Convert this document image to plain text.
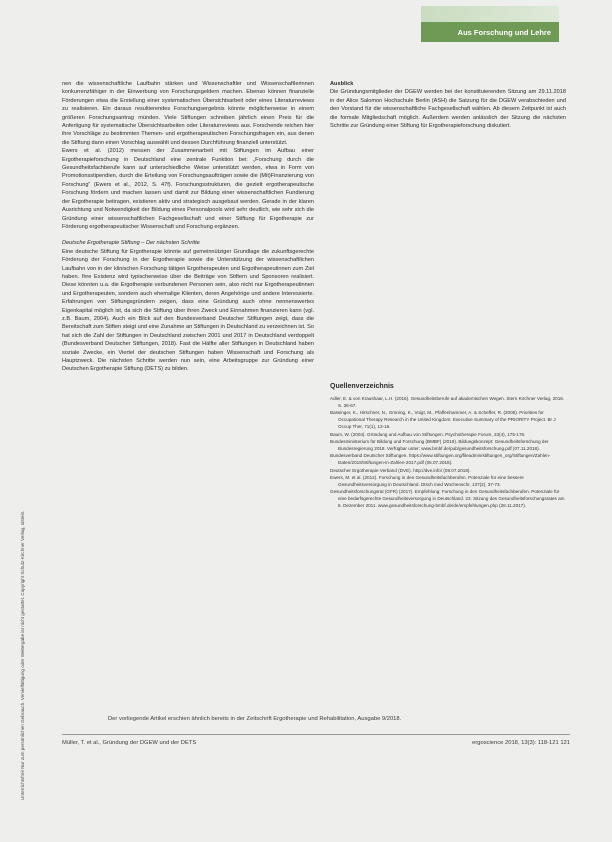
Aus Forschung und Lehre
Unterrichtsfrei! Nur zum persönlichen Gebrauch. Vervielfältigung oder Weitergabe ist nicht gestattet. Copyright Schulz-Kirchner Verlag, Idstein.

nen die wissenschaftliche Laufbahn stärken und Wissenschaftler und Wissenschaftlerinnen konkurrenzfähiger in der Einwerbung von Forschungsgeldern machen. Ebenso können finanzielle Förderungen etwa die Erstellung einer systematischen Übersichtsarbeit oder eines Literaturreviews zu realisieren. Ein daraus resultierendes Forschungsergebnis könnte möglicherweise in einem größeren Forschungsantrag münden. Viele Stiftungen schreiben jährlich einen Preis für die Anfertigung für systematische Übersichtsarbeiten oder Literaturreviews aus. Forschende reichen hier ihre Vorschläge zu bestimmten Themen- und ergotherapeutischen Forschungsfragen ein, aus denen die Stiftung dann einen Vorschlag auswählt und dessen Durchführung finanziell unterstützt.

Ewers et al. (2012) messen der Zusammenarbeit mit Stiftungen im Aufbau einer Ergotherapieforschung in Deutschland eine zentrale Funktion bei: „Forschung durch die Gesundheitsfachberufe kann auf unterschiedliche Weise unterstützt werden, etwa in Form von Promotionsstipendien, durch die Erteilung von Forschungsaufträgen sowie die (Mit)Finanzierung von Forschung“ (Ewers et al., 2012, S. 47f). Forschungsstrukturen, die gezielt ergotherapeutische Forschung fördern und machen lassen und damit zur Bildung einer wissenschaftlichen Fundierung der Ergotherapie beitragen, existieren aktiv und strategisch ausgebaut werden. Gerade in der klaren Ausrichtung und Notwendigkeit der Bildung eines Personalpools wird sehr deutlich, wie sehr sich die Gründung einer wissenschaftlichen Fachgesellschaft und einer Stiftung für Ergotherapie zur Förderung ergotherapeutischer Wissenschaft und Forschung ergänzen.

Deutsche Ergotherapie Stiftung – Der nächsten Schritte

Eine deutsche Stiftung für Ergotherapie könnte auf gemeinnütziger Grundlage die zukunftsgerechte Förderung der Forschung in der Ergotherapie sowie die Unterstützung der wissenschaftlichen Laufbahn von in der klinischen Forschung tätigen Ergotherapeuten und Ergotherapeutinnen zum Ziel haben. Ihre Existenz wird typischerweise über die Beiträge von Stiftern und Sponsoren realisiert. Diese könnten u.a. die Ergotherapie verbundenen Personen sein, also nicht nur Ergotherapeutinnen und Ergotherapeuten, sondern auch ehemalige Klienten, deren Angehörige und andere Interessierte. Erfahrungen von Stiftungsgründern zeigen, dass eine Gründung auch ohne nennenswertes Eigenkapital möglich ist, da sich die Stiftung über ihren Zweck und Einnahmen finanzieren kann (vgl. z.B. Baum, 2004). Auch ein Blick auf den Bundesverband Deutscher Stiftungen zeigt, dass die Bereitschaft zum Stiften steigt und eine Zunahme an Stiftungen in Deutschland zu verzeichnen ist. So hat sich die Zahl der Stiftungen in Deutschland zwischen 2001 und 2017 in Deutschland verdoppelt (Bundesverband Deutscher Stiftungen, 2018). Fast die Hälfte aller Stiftungen in Deutschland haben soziale Zwecke, ein Viertel der deutschen Stiftungen haben Wissenschaft und Forschung als Hauptzweck. Die nächsten Schritte werden nun sein, eine Arbeitsgruppe zur Gründung einer Deutschen Ergotherapie Stiftung (DETS) zu bilden.

Ausblick

Die Gründungsmitglieder der DGEW werden bei der konstituierenden Sitzung am 29.11.2018 in der Alice Salomon Hochschule Berlin (ASH) die Satzung für die DGEW verabschieden und den Vorstand für die wissenschaftliche Fachgesellschaft wählen. Ab diesem Zeitpunkt ist auch die formale Mitgliedschaft möglich. Außerdem werden anlässlich der Sitzung die nächsten Schritte zur Gründung einer Stiftung für Ergotherapieforschung diskutiert.

Quellenverzeichnis

Adler, E. & von Kraushaar, L.H. (2016). Gesundheitsberufe auf akademischen Wegen. Stern Kirchner Verlag, 2016. S. 36-67.

Bassinger, K., Hirschner, N., Grüning, K., Voigt, M., Pfaffenhammer, A. & Scheffer, R. (2008). Priorities for Occupational Therapy Research in the United Kingdom: Executive Summary of the PRIORITY Project. Br J Occup Ther, 71(1), 13-16.

Baum, W. (2004). Gründung und Aufbau von Stiftungen. Psychotherapie Forum, 23(4), 175-176.

Bundesministerium für Bildung und Forschung (BMBF) (2018). Bildungskonzept: Gesundheitsforschung der Bundesregierung 2018. Verfügbar unter: www.bmbf.de/pub/gesundheitsforschung.pdf (07.11.2018).

Bundesverband Deutscher Stiftungen. https://www.stiftungen.org/fileadmin/stiftungen_org/Stiftungen/Zahlen-Daten/2018/Stiftungen-in-Zahlen-2017.pdf (05.07.2018).

Deutscher Ergotherapie Verband (DVE). http://dve.info/ (08.07.2018).

Ewers, M. et al. (2012). Forschung in den Gesundheitsfachberufen. Potenziale für eine bessere Gesundheitsversorgung in Deutschland. Dtsch med Wochenschr, 137(2), 37-73.

Gesundheitsforschungsrat (GFR) (2017). Empfehlung: Forschung in den Gesundheitsfachberufen. Potenziale für eine bedarfsgerechte Gesundheitsversorgung in Deutschland. 23. Sitzung des Gesundheitsforschungsrates am 6. Dezember 2011. www.gesundheitsforschung-bmbf.de/de/empfehlungen.php (28.11.2017).

Der vorliegende Artikel erschien ähnlich bereits in der Zeitschrift Ergotherapie und Rehabilitation, Ausgabe 9/2018.
Müller, T. et al., Gründung der DGEW und der DETS	ergoscience 2018, 13(3): 118-121 121
